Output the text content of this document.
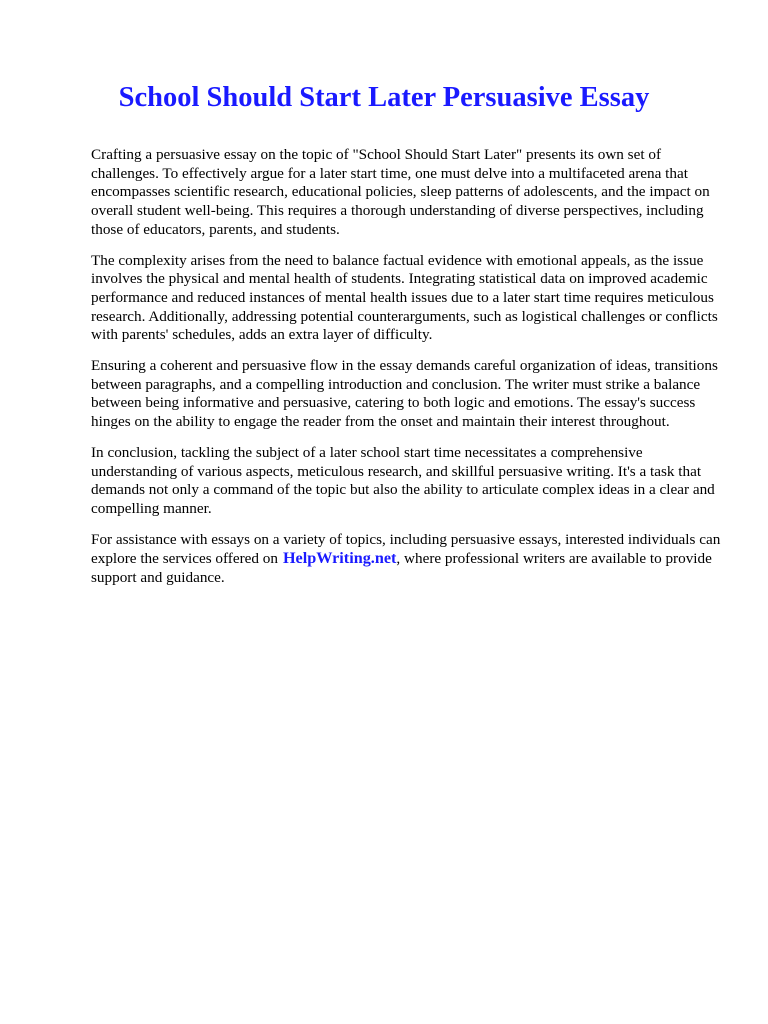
School Should Start Later Persuasive Essay

Crafting a persuasive essay on the topic of "School Should Start Later" presents its own set of challenges. To effectively argue for a later start time, one must delve into a multifaceted arena that encompasses scientific research, educational policies, sleep patterns of adolescents, and the impact on overall student well-being. This requires a thorough understanding of diverse perspectives, including those of educators, parents, and students.

The complexity arises from the need to balance factual evidence with emotional appeals, as the issue involves the physical and mental health of students. Integrating statistical data on improved academic performance and reduced instances of mental health issues due to a later start time requires meticulous research. Additionally, addressing potential counterarguments, such as logistical challenges or conflicts with parents' schedules, adds an extra layer of difficulty.

Ensuring a coherent and persuasive flow in the essay demands careful organization of ideas, transitions between paragraphs, and a compelling introduction and conclusion. The writer must strike a balance between being informative and persuasive, catering to both logic and emotions. The essay's success hinges on the ability to engage the reader from the onset and maintain their interest throughout.

In conclusion, tackling the subject of a later school start time necessitates a comprehensive understanding of various aspects, meticulous research, and skillful persuasive writing. It's a task that demands not only a command of the topic but also the ability to articulate complex ideas in a clear and compelling manner.

For assistance with essays on a variety of topics, including persuasive essays, interested individuals can explore the services offered on HelpWriting.net, where professional writers are available to provide support and guidance.
